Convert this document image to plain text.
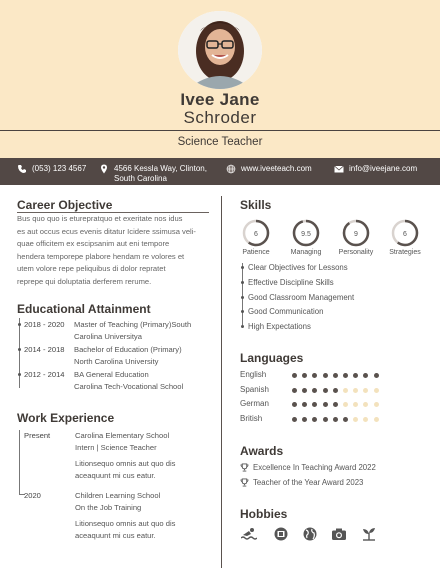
Ivee Jane
Schroder
Science Teacher
(053) 123 4567	4566 Kessla Way, Clinton,
South Carolina
www.iveeteach.com	info@iveejane.com
Career Objective
Bus quo quo is eturepratquo et exeritate nos idus
es aut occus ecus evenis ditatur Icidere ssimusa veli-
quae officitem ex escipsanim aut eni tempore
hendera temporepe plabore hendam re volores et
utem volore repe peliquibus di dolor repratet
reprepe qui doluptatia derferem rerume.
Educational Attainment
2018 - 2020 Master of Teaching (Primary)South
Carolina Universitya
2014 - 2018 Bachelor of Education (Primary)
North Carolina University
2012 - 2014 BA General Education
Carolina Tech-Vocational School
Work Experience
Present	Carolina Elementary School
Intern | Science Teacher
Litionsequo omnis aut quo dis
aceaquunt mi cus eatur.
2020	Children Learning School
On the Job Training
Litionsequo omnis aut quo dis
aceaquunt mi cus eatur.
Skills
6
Patience
9.5
Managing
9
Personality
6
Strategies
Clear Objectives for Lessons
Effective Discipline Skills
Good Classroom Management
Good Communication
High Expectations
Languages
English
Spanish
German
British
Awards
Excellence In Teaching Award 2022
Teacher of the Year Award 2023
Hobbies
